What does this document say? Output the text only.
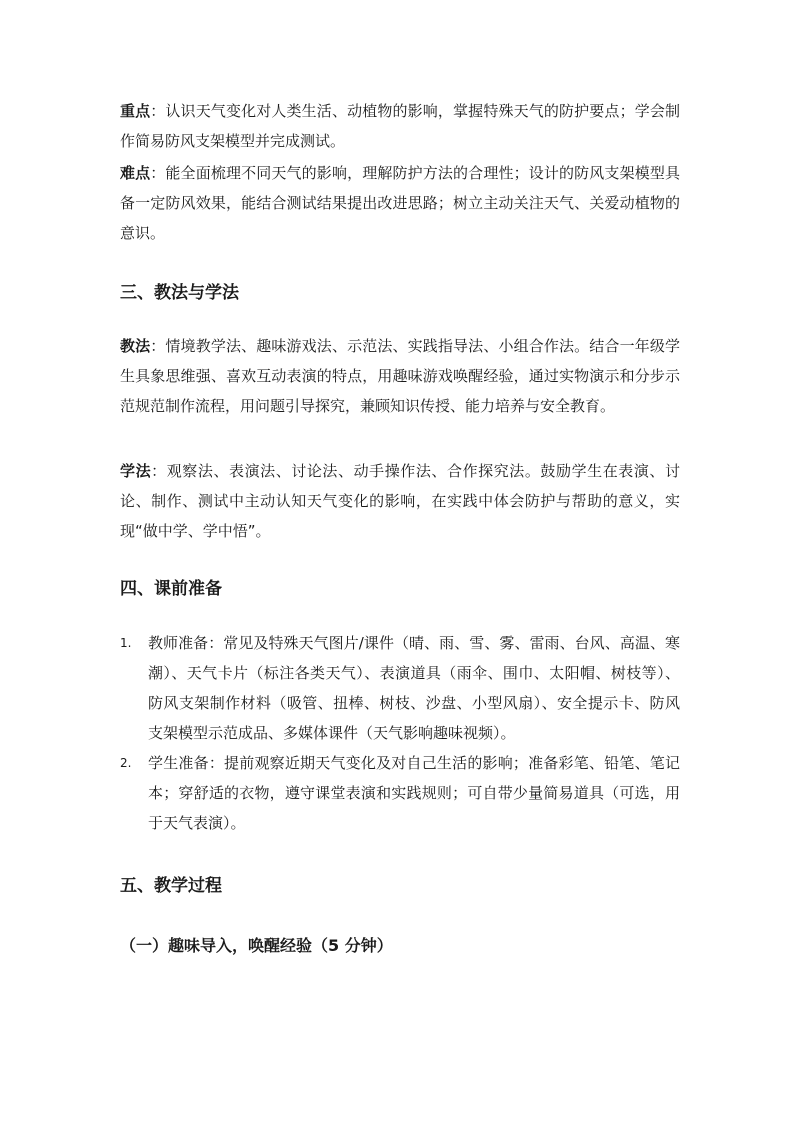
重点：认识天气变化对人类生活、动植物的影响，掌握特殊天气的防护要点；学会制作简易防风支架模型并完成测试。

难点：能全面梳理不同天气的影响，理解防护方法的合理性；设计的防风支架模型具备一定防风效果，能结合测试结果提出改进思路；树立主动关注天气、关爱动植物的意识。

三、教法与学法

教法：情境教学法、趣味游戏法、示范法、实践指导法、小组合作法。结合一年级学生具象思维强、喜欢互动表演的特点，用趣味游戏唤醒经验，通过实物演示和分步示范规范制作流程，用问题引导探究，兼顾知识传授、能力培养与安全教育。

学法：观察法、表演法、讨论法、动手操作法、合作探究法。鼓励学生在表演、讨论、制作、测试中主动认知天气变化的影响，在实践中体会防护与帮助的意义，实现“做中学、学中悟”。

四、课前准备
1. 教师准备：常见及特殊天气图片/课件（晴、雨、雪、雾、雷雨、台风、高温、寒潮）、天气卡片（标注各类天气）、表演道具（雨伞、围巾、太阳帽、树枝等）、防风支架制作材料（吸管、扭棒、树枝、沙盘、小型风扇）、安全提示卡、防风支架模型示范成品、多媒体课件（天气影响趣味视频）。
2. 学生准备：提前观察近期天气变化及对自己生活的影响；准备彩笔、铅笔、笔记本；穿舒适的衣物，遵守课堂表演和实践规则；可自带少量简易道具（可选，用于天气表演）。
五、教学过程
（一）趣味导入，唤醒经验（5 分钟）
